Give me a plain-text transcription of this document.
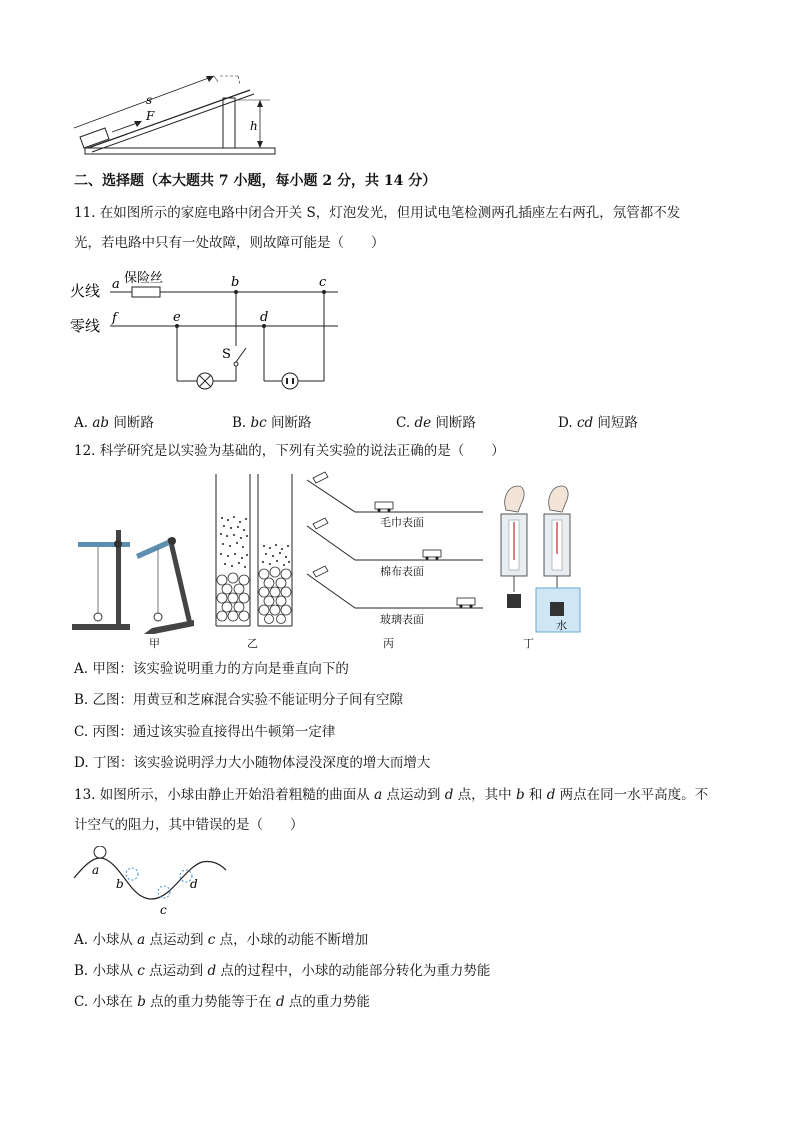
s
F
h
二、选择题（本大题共 7 小题，每小题 2 分，共 14 分）
11. 在如图所示的家庭电路中闭合开关 S，灯泡发光，但用试电笔检测两孔插座左右两孔，氖管都不发
光，若电路中只有一处故障，则故障可能是（　　）
火线
零线
保险丝
a	b	c
d
e
f
S
A. ab 间断路	B. bc 间断路	C. de 间断路	D. cd 间短路
12. 科学研究是以实验为基础的，下列有关实验的说法正确的是（　　）
甲	乙
毛巾表面
棉布表面
玻璃表面
丙
水
丁
A. 甲图：该实验说明重力的方向是垂直向下的
B. 乙图：用黄豆和芝麻混合实验不能证明分子间有空隙
C. 丙图：通过该实验直接得出牛顿第一定律
D. 丁图：该实验说明浮力大小随物体浸没深度的增大而增大
13. 如图所示，小球由静止开始沿着粗糙的曲面从 a 点运动到 d 点，其中 b 和 d 两点在同一水平高度。不
计空气的阻力，其中错误的是（　　）
a
b
c
d
A. 小球从 a 点运动到 c 点，小球的动能不断增加
B. 小球从 c 点运动到 d 点的过程中，小球的动能部分转化为重力势能
C. 小球在 b 点的重力势能等于在 d 点的重力势能
